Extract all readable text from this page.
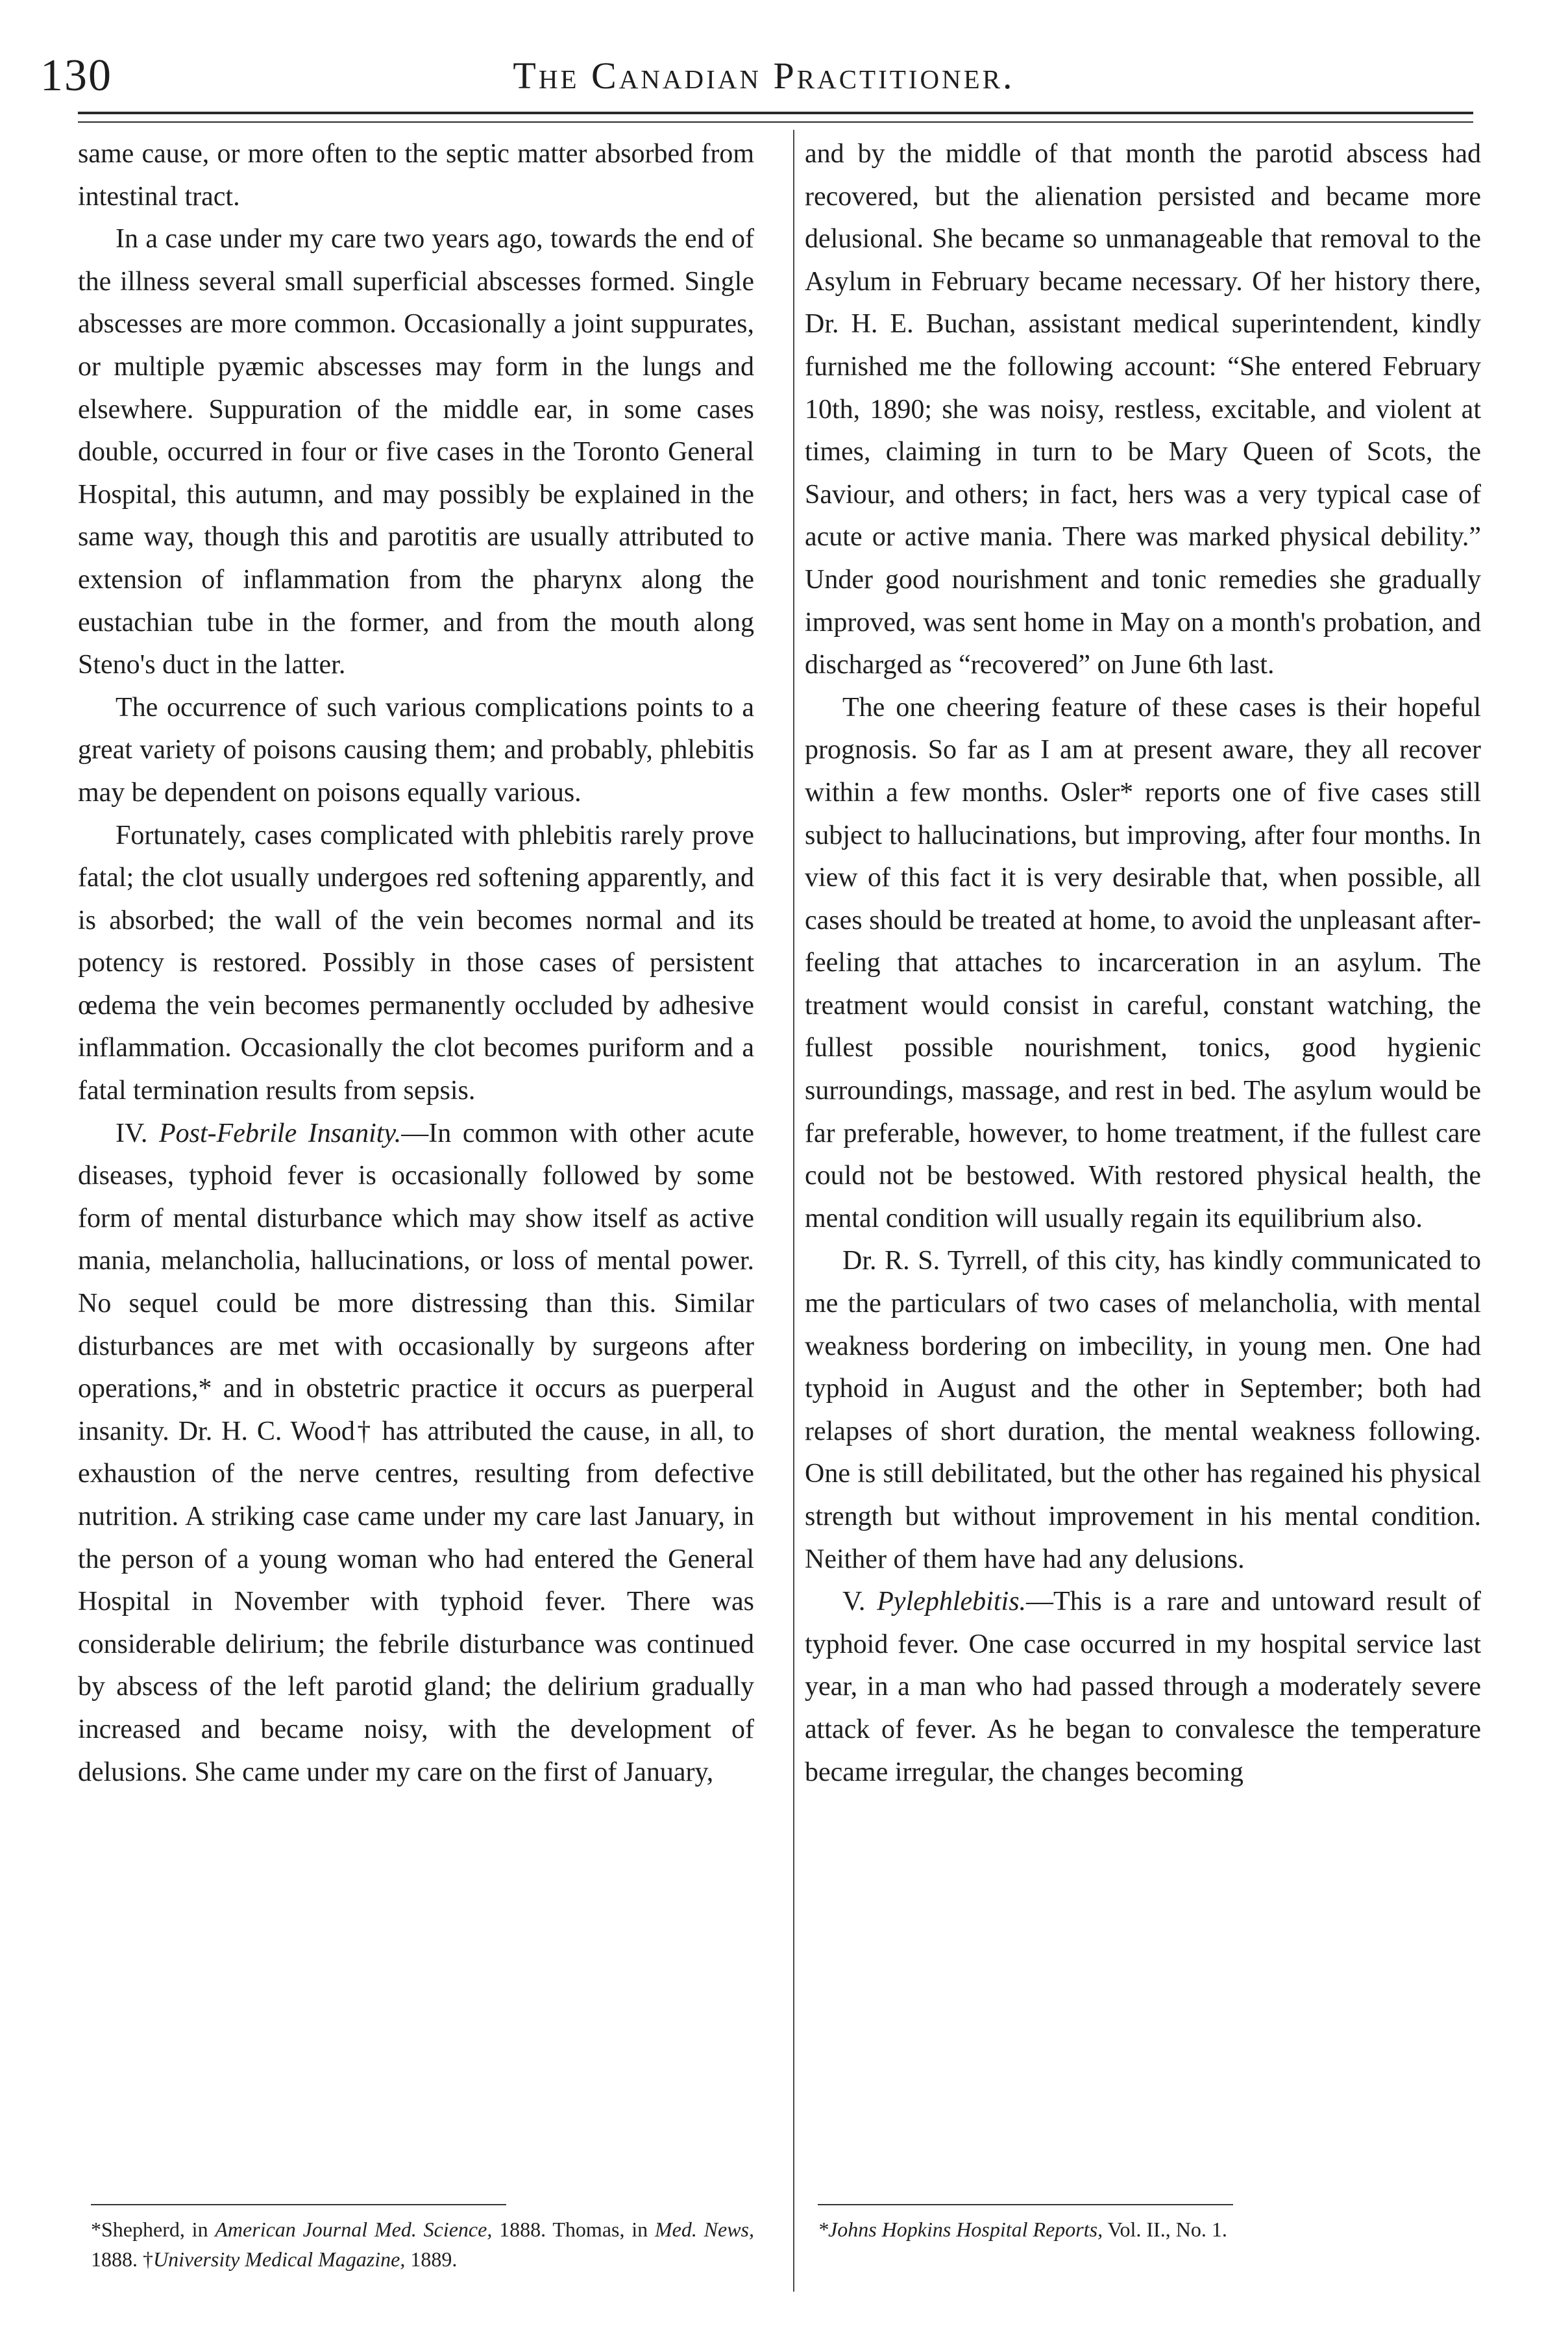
130	The Canadian Practitioner.

same cause, or more often to the septic matter absorbed from intestinal tract.

In a case under my care two years ago, towards the end of the illness several small superficial abscesses formed. Single abscesses are more common. Occasionally a joint suppurates, or multiple pyæmic abscesses may form in the lungs and elsewhere. Suppuration of the middle ear, in some cases double, occurred in four or five cases in the Toronto General Hospital, this autumn, and may possibly be explained in the same way, though this and parotitis are usually attributed to extension of inflammation from the pharynx along the eustachian tube in the former, and from the mouth along Steno's duct in the latter.

The occurrence of such various complications points to a great variety of poisons causing them; and probably, phlebitis may be dependent on poisons equally various.

Fortunately, cases complicated with phlebitis rarely prove fatal; the clot usually undergoes red softening apparently, and is absorbed; the wall of the vein becomes normal and its potency is restored. Possibly in those cases of persistent œdema the vein becomes permanently occluded by adhesive inflammation. Occasionally the clot becomes puriform and a fatal termination results from sepsis.

IV. Post-Febrile Insanity.—In common with other acute diseases, typhoid fever is occasionally followed by some form of mental disturbance which may show itself as active mania, melancholia, hallucinations, or loss of mental power. No sequel could be more distressing than this. Similar disturbances are met with occasionally by surgeons after operations,* and in obstetric practice it occurs as puerperal insanity. Dr. H. C. Wood† has attributed the cause, in all, to exhaustion of the nerve centres, resulting from defective nutrition. A striking case came under my care last January, in the person of a young woman who had entered the General Hospital in November with typhoid fever. There was considerable delirium; the febrile disturbance was continued by abscess of the left parotid gland; the delirium gradually increased and became noisy, with the development of delusions. She came under my care on the first of January,

*Shepherd, in American Journal Med. Science, 1888. Thomas, in Med. News, 1888. †University Medical Magazine, 1889.

and by the middle of that month the parotid abscess had recovered, but the alienation persisted and became more delusional. She became so unmanageable that removal to the Asylum in February became necessary. Of her history there, Dr. H. E. Buchan, assistant medical superintendent, kindly furnished me the following account: “She entered February 10th, 1890; she was noisy, restless, excitable, and violent at times, claiming in turn to be Mary Queen of Scots, the Saviour, and others; in fact, hers was a very typical case of acute or active mania. There was marked physical debility.” Under good nourishment and tonic remedies she gradually improved, was sent home in May on a month's probation, and discharged as “recovered” on June 6th last.

The one cheering feature of these cases is their hopeful prognosis. So far as I am at present aware, they all recover within a few months. Osler* reports one of five cases still subject to hallucinations, but improving, after four months. In view of this fact it is very desirable that, when possible, all cases should be treated at home, to avoid the unpleasant after-feeling that attaches to incarceration in an asylum. The treatment would consist in careful, constant watching, the fullest possible nourishment, tonics, good hygienic surroundings, massage, and rest in bed. The asylum would be far preferable, however, to home treatment, if the fullest care could not be bestowed. With restored physical health, the mental condition will usually regain its equilibrium also.

Dr. R. S. Tyrrell, of this city, has kindly communicated to me the particulars of two cases of melancholia, with mental weakness bordering on imbecility, in young men. One had typhoid in August and the other in September; both had relapses of short duration, the mental weakness following. One is still debilitated, but the other has regained his physical strength but without improvement in his mental condition. Neither of them have had any delusions.

V. Pylephlebitis.—This is a rare and untoward result of typhoid fever. One case occurred in my hospital service last year, in a man who had passed through a moderately severe attack of fever. As he began to convalesce the temperature became irregular, the changes becoming

*Johns Hopkins Hospital Reports, Vol. II., No. 1.
